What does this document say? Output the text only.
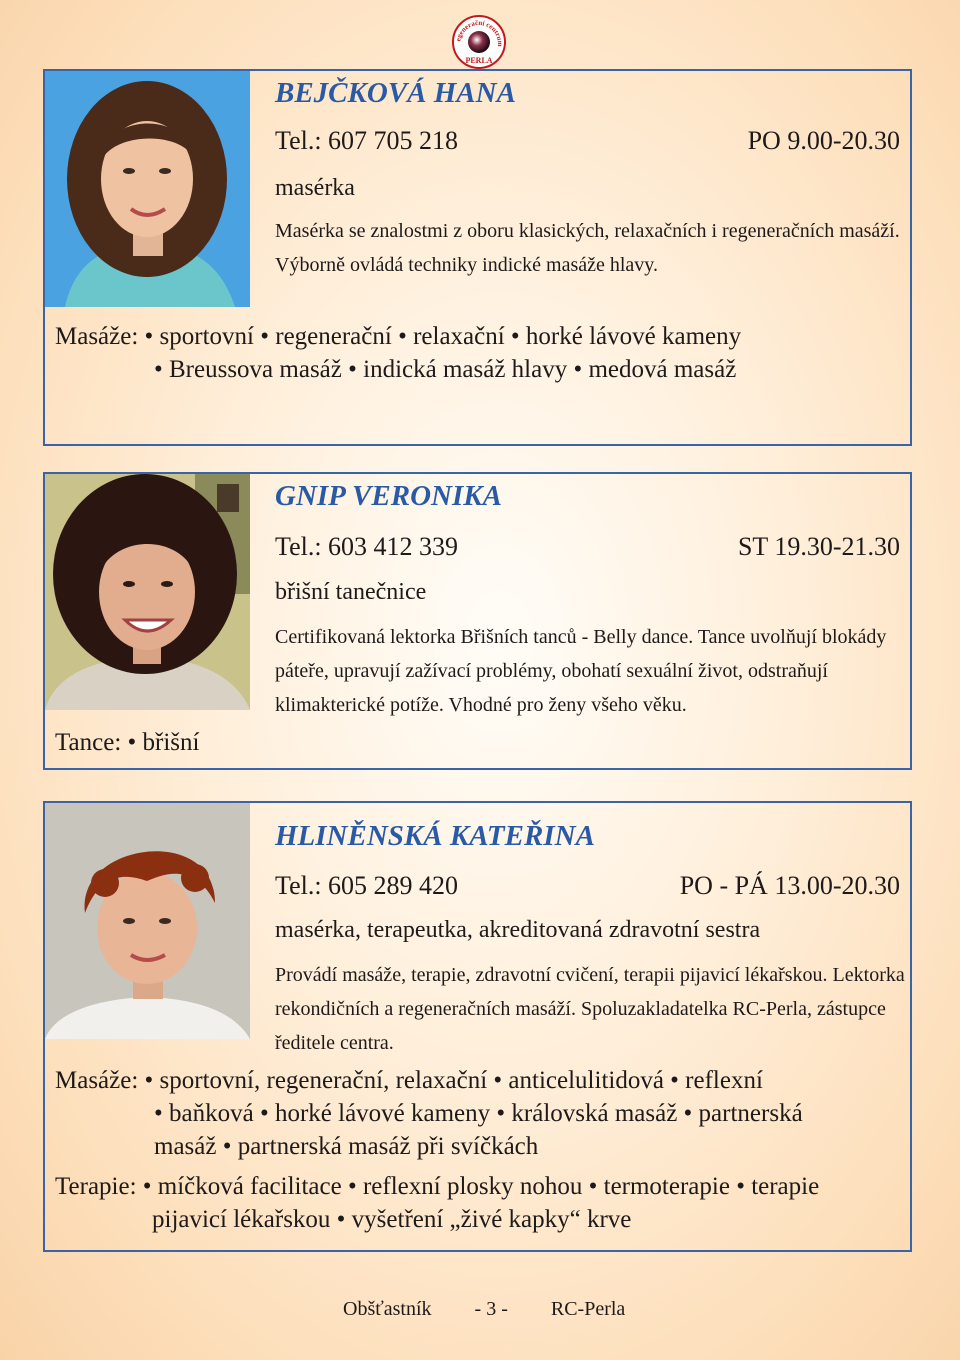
egenerační centrum
PERLA
BEJČKOVÁ HANA
Tel.: 607 705 218	PO 9.00-20.30
masérka
Masérka se znalostmi z oboru klasických, relaxačních i regeneračních masáží. Výborně ovládá techniky indické masáže hlavy.
Masáže: • sportovní • regenerační • relaxační • horké lávové kameny
• Breussova masáž • indická masáž hlavy • medová masáž
GNIP VERONIKA
Tel.: 603 412 339	ST 19.30-21.30
břišní tanečnice
Certifikovaná lektorka Břišních tanců - Belly dance. Tance uvolňují blokády páteře, upravují zažívací problémy, obohatí sexuální život, odstraňují klimakterické potíže. Vhodné pro ženy všeho věku.
Tance: • břišní
HLINĚNSKÁ KATEŘINA
Tel.: 605 289 420	PO - PÁ 13.00-20.30
masérka, terapeutka, akreditovaná zdravotní sestra
Provádí masáže, terapie, zdravotní cvičení, terapii pijavicí lékařskou. Lektorka rekondičních a regeneračních masáží. Spoluzakladatelka RC-Perla, zástupce ředitele centra.
Masáže: • sportovní, regenerační, relaxační • anticelulitidová • reflexní
• baňková • horké lávové kameny • královská masáž • partnerská
masáž • partnerská masáž při svíčkách
Terapie: • míčková facilitace • reflexní plosky nohou • termoterapie • terapie
pijavicí lékařskou • vyšetření „živé kapky“ krve
Obšťastník - 3 - RC-Perla
